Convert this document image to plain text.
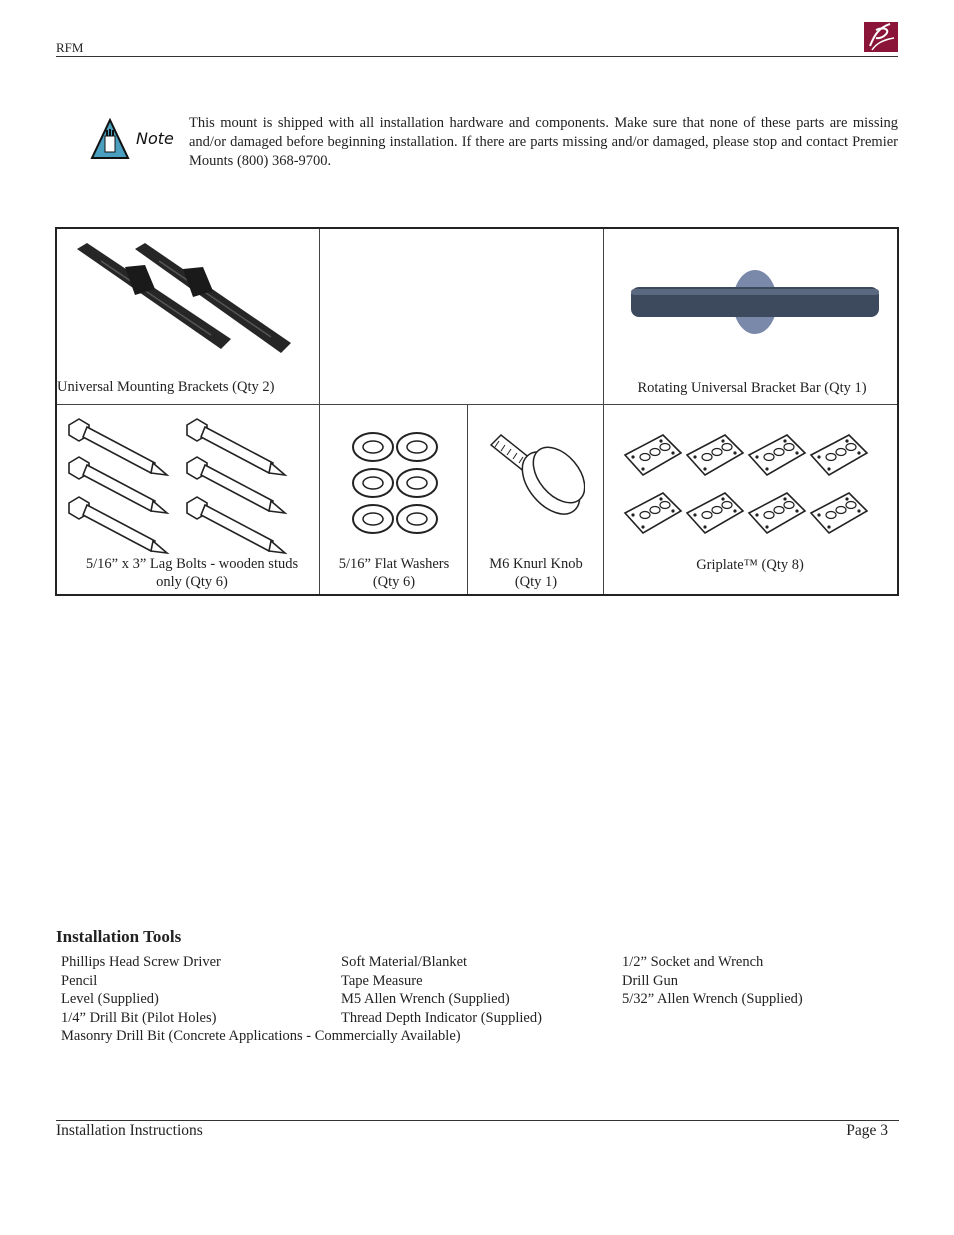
RFM
Note
This mount is shipped with all installation hardware and components. Make sure that none of these parts are missing and/or damaged before beginning installation. If there are parts missing and/or damaged, please stop and contact Premier Mounts (800) 368-9700.
Universal Mounting Brackets (Qty 2)	Rotating Universal Bracket Bar (Qty 1)
5/16” x 3” Lag Bolts - wooden studs
only (Qty 6)
5/16” Flat Washers
(Qty 6)
M6 Knurl Knob
(Qty 1)
Griplate™ (Qty 8)
Installation Tools
Phillips Head Screw Driver
Pencil
Level (Supplied)
1/4” Drill Bit (Pilot Holes)
Masonry Drill Bit (Concrete Applications - Commercially Available)
Soft Material/Blanket
Tape Measure
M5 Allen Wrench (Supplied)
Thread Depth Indicator (Supplied)
1/2” Socket and Wrench
Drill Gun
5/32” Allen Wrench (Supplied)
Installation Instructions	Page 3
